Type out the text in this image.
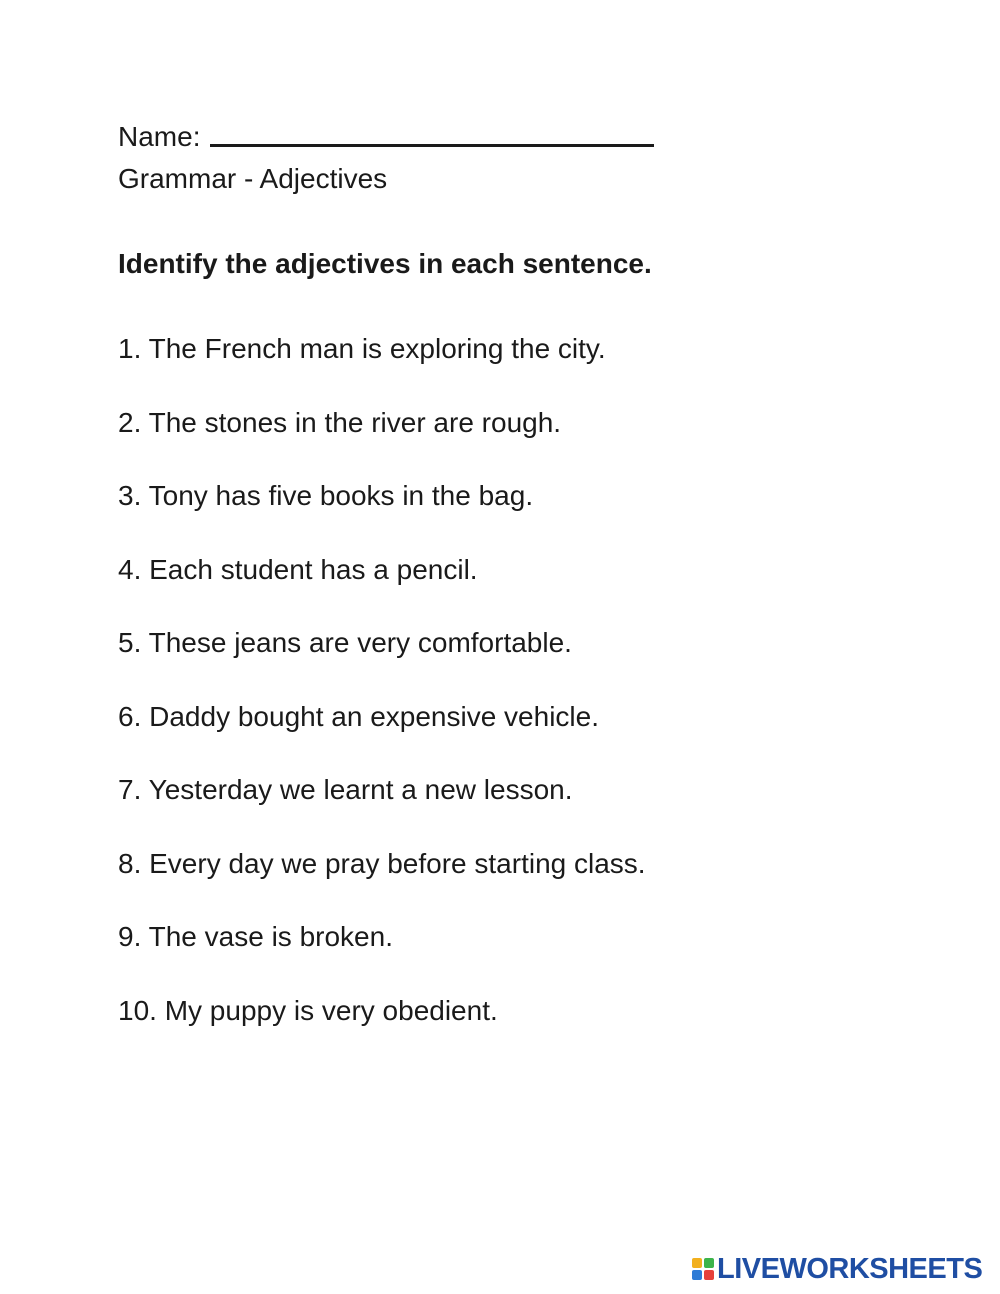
Name:
Grammar - Adjectives
Identify the adjectives in each sentence.
1. The French man is exploring the city.
2. The stones in the river are rough.
3. Tony has five books in the bag.
4. Each student has a pencil.
5. These jeans are very comfortable.
6. Daddy bought an expensive vehicle.
7. Yesterday we learnt a new lesson.
8. Every day we pray before starting class.
9. The vase is broken.
10. My puppy is very obedient.
LIVEWORKSHEETS
